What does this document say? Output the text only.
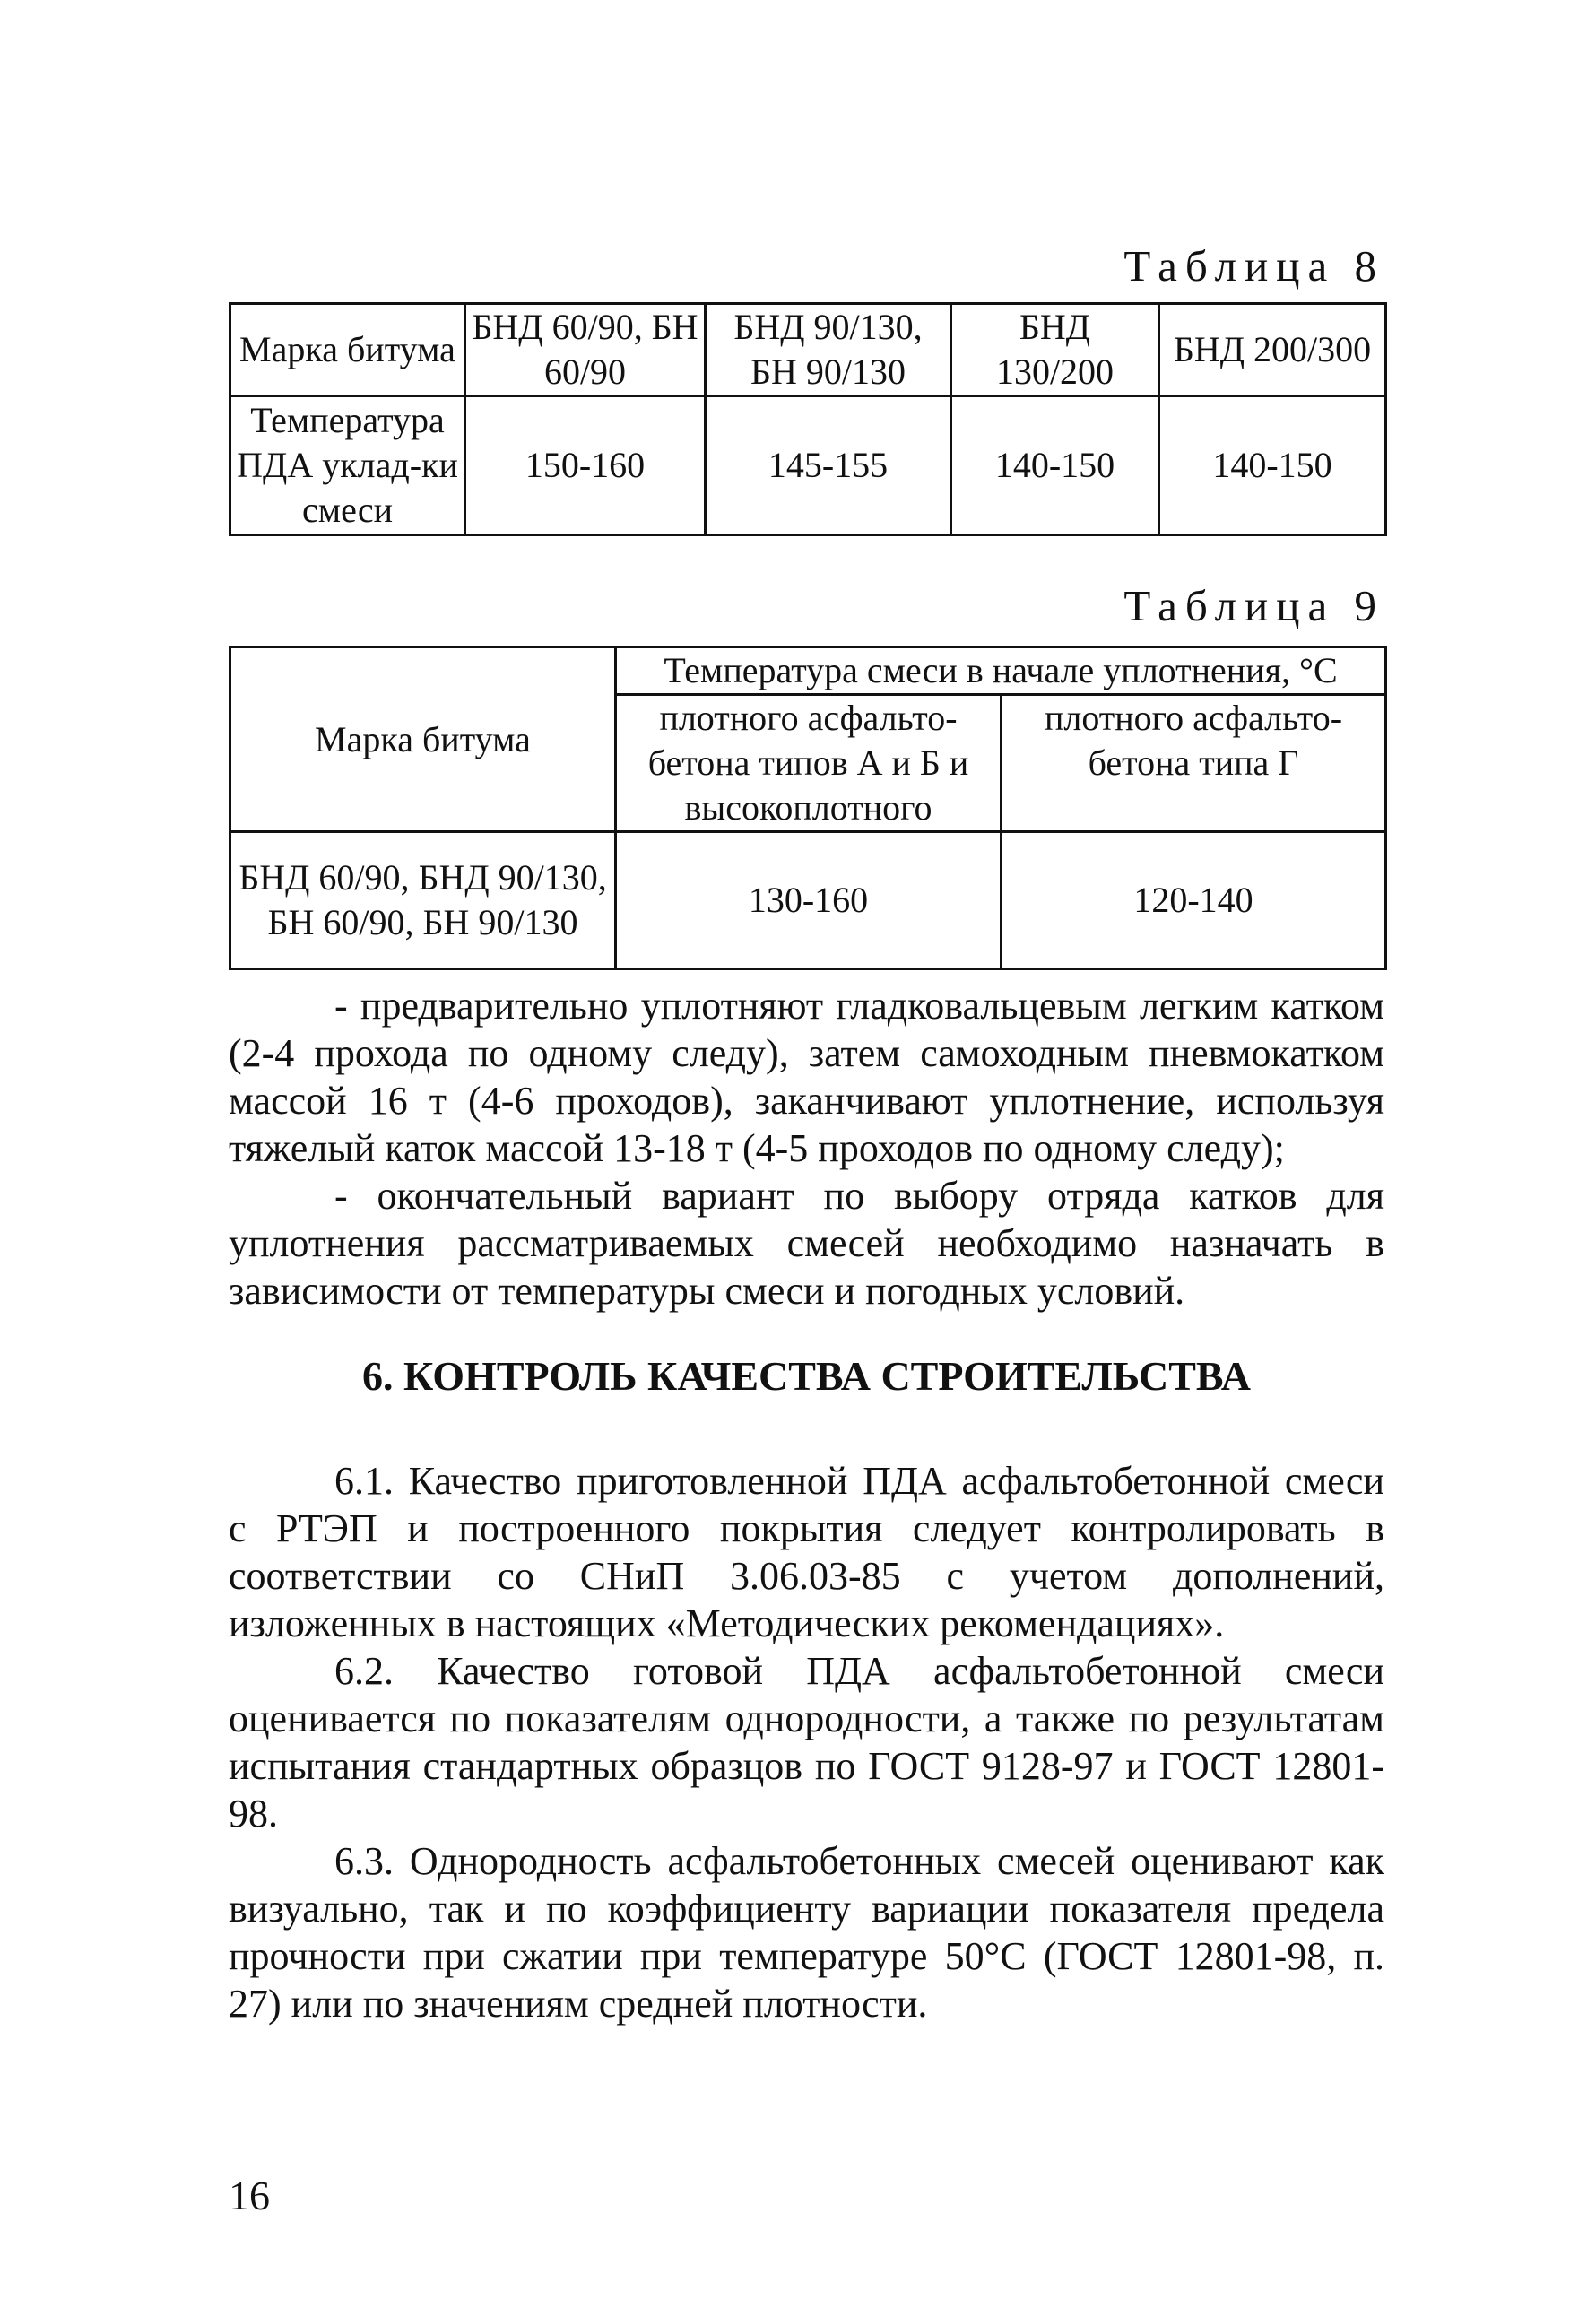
Таблица 8
Марка битума	БНД 60/90, БН 60/90	БНД 90/130, БН 90/130	БНД 130/200	БНД 200/300
Температура ПДА уклад-ки смеси	150-160	145-155	140-150	140-150
Таблица 9
Марка битума	Температура смеси в начале уплотнения, °С	
	плотного асфальто-бетона типов А и Б и высокоплотного	плотного асфальто-бетона типа Г
БНД 60/90, БНД 90/130, БН 60/90, БН 90/130	130-160	120-140

- предварительно уплотняют гладковальцевым легким катком (2-4 прохода по одному следу), затем самоходным пневмокатком массой 16 т (4-6 проходов), заканчивают уплотнение, используя тяжелый каток массой 13-18 т (4-5 проходов по одному следу);

- окончательный вариант по выбору отряда катков для уплотнения рассматриваемых смесей необходимо назначать в зависимости от температуры смеси и погодных условий.

6. КОНТРОЛЬ КАЧЕСТВА СТРОИТЕЛЬСТВА

6.1. Качество приготовленной ПДА асфальтобетонной смеси с РТЭП и построенного покрытия следует контролировать в соответствии со СНиП 3.06.03-85 с учетом дополнений, изложенных в настоящих «Методических рекомендациях».

6.2. Качество готовой ПДА асфальтобетонной смеси оценивается по показателям однородности, а также по результатам испытания стандартных образцов по ГОСТ 9128-97 и ГОСТ 12801-98.

6.3. Однородность асфальтобетонных смесей оценивают как визуально, так и по коэффициенту вариации показателя предела прочности при сжатии при температуре 50°С (ГОСТ 12801-98, п. 27) или по значениям средней плотности.

16
